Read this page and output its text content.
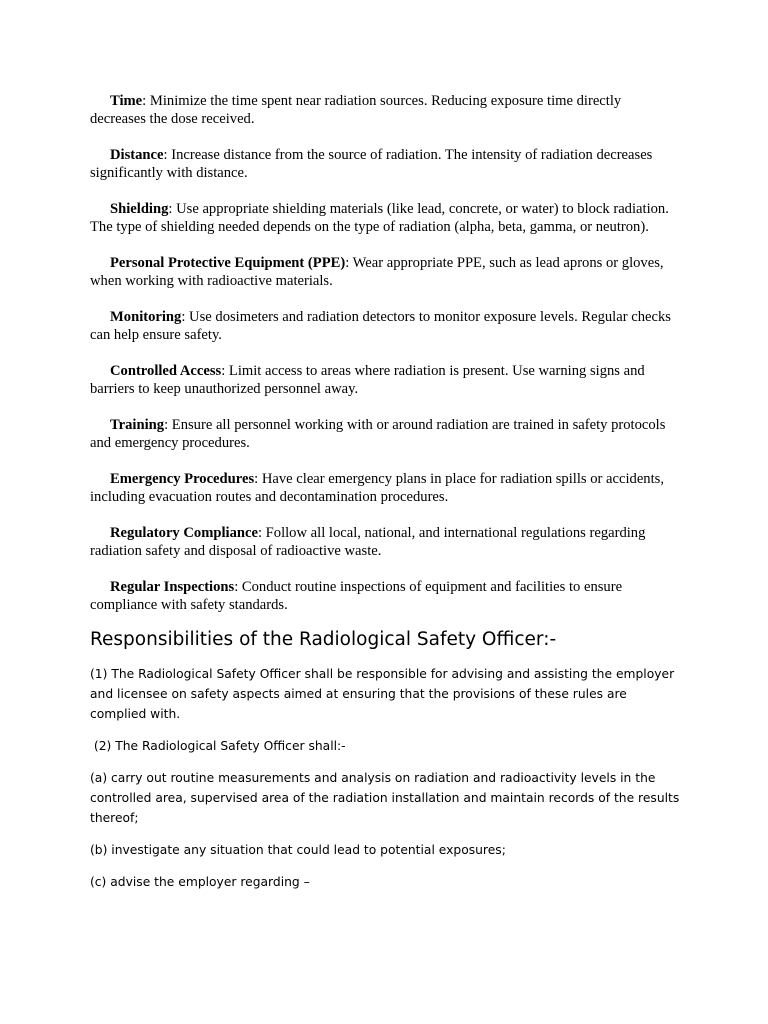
Time: Minimize the time spent near radiation sources. Reducing exposure time directly decreases the dose received.

Distance: Increase distance from the source of radiation. The intensity of radiation decreases significantly with distance.

Shielding: Use appropriate shielding materials (like lead, concrete, or water) to block radiation. The type of shielding needed depends on the type of radiation (alpha, beta, gamma, or neutron).

Personal Protective Equipment (PPE): Wear appropriate PPE, such as lead aprons or gloves, when working with radioactive materials.

Monitoring: Use dosimeters and radiation detectors to monitor exposure levels. Regular checks can help ensure safety.

Controlled Access: Limit access to areas where radiation is present. Use warning signs and barriers to keep unauthorized personnel away.

Training: Ensure all personnel working with or around radiation are trained in safety protocols and emergency procedures.

Emergency Procedures: Have clear emergency plans in place for radiation spills or accidents, including evacuation routes and decontamination procedures.

Regulatory Compliance: Follow all local, national, and international regulations regarding radiation safety and disposal of radioactive waste.

Regular Inspections: Conduct routine inspections of equipment and facilities to ensure compliance with safety standards.

Responsibilities of the Radiological Safety Officer:-

(1) The Radiological Safety Officer shall be responsible for advising and assisting the employer and licensee on safety aspects aimed at ensuring that the provisions of these rules are complied with.

(2) The Radiological Safety Officer shall:-

(a) carry out routine measurements and analysis on radiation and radioactivity levels in the controlled area, supervised area of the radiation installation and maintain records of the results thereof;

(b) investigate any situation that could lead to potential exposures;

(c) advise the employer regarding –
